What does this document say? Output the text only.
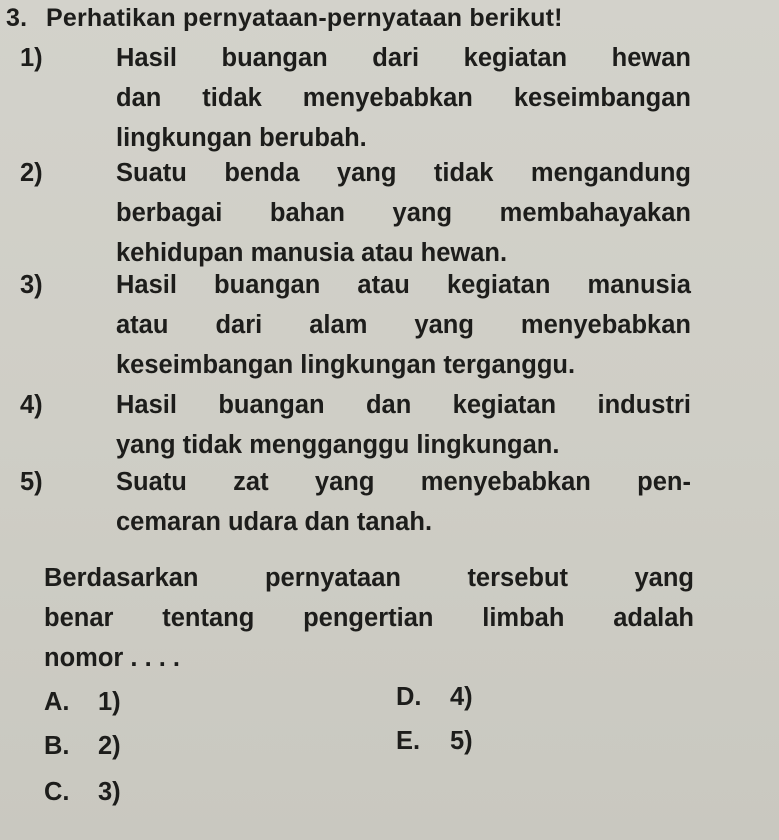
3. Perhatikan pernyataan-pernyataan berikut!
1)	Hasil buangan dari kegiatan hewan
dan tidak menyebabkan keseimbangan
lingkungan berubah.
2)	Suatu benda yang tidak mengandung
berbagai bahan yang membahayakan
kehidupan manusia atau hewan.
3)	Hasil buangan atau kegiatan manusia
atau dari alam yang menyebabkan
keseimbangan lingkungan terganggu.
4)	Hasil buangan dan kegiatan industri
yang tidak mengganggu lingkungan.
5)	Suatu zat yang menyebabkan pen-
cemaran udara dan tanah.
Berdasarkan pernyataan tersebut yang
benar tentang pengertian limbah adalah
nomor . . . .
A. 1)
B. 2)
C. 3)
D. 4)
E. 5)
